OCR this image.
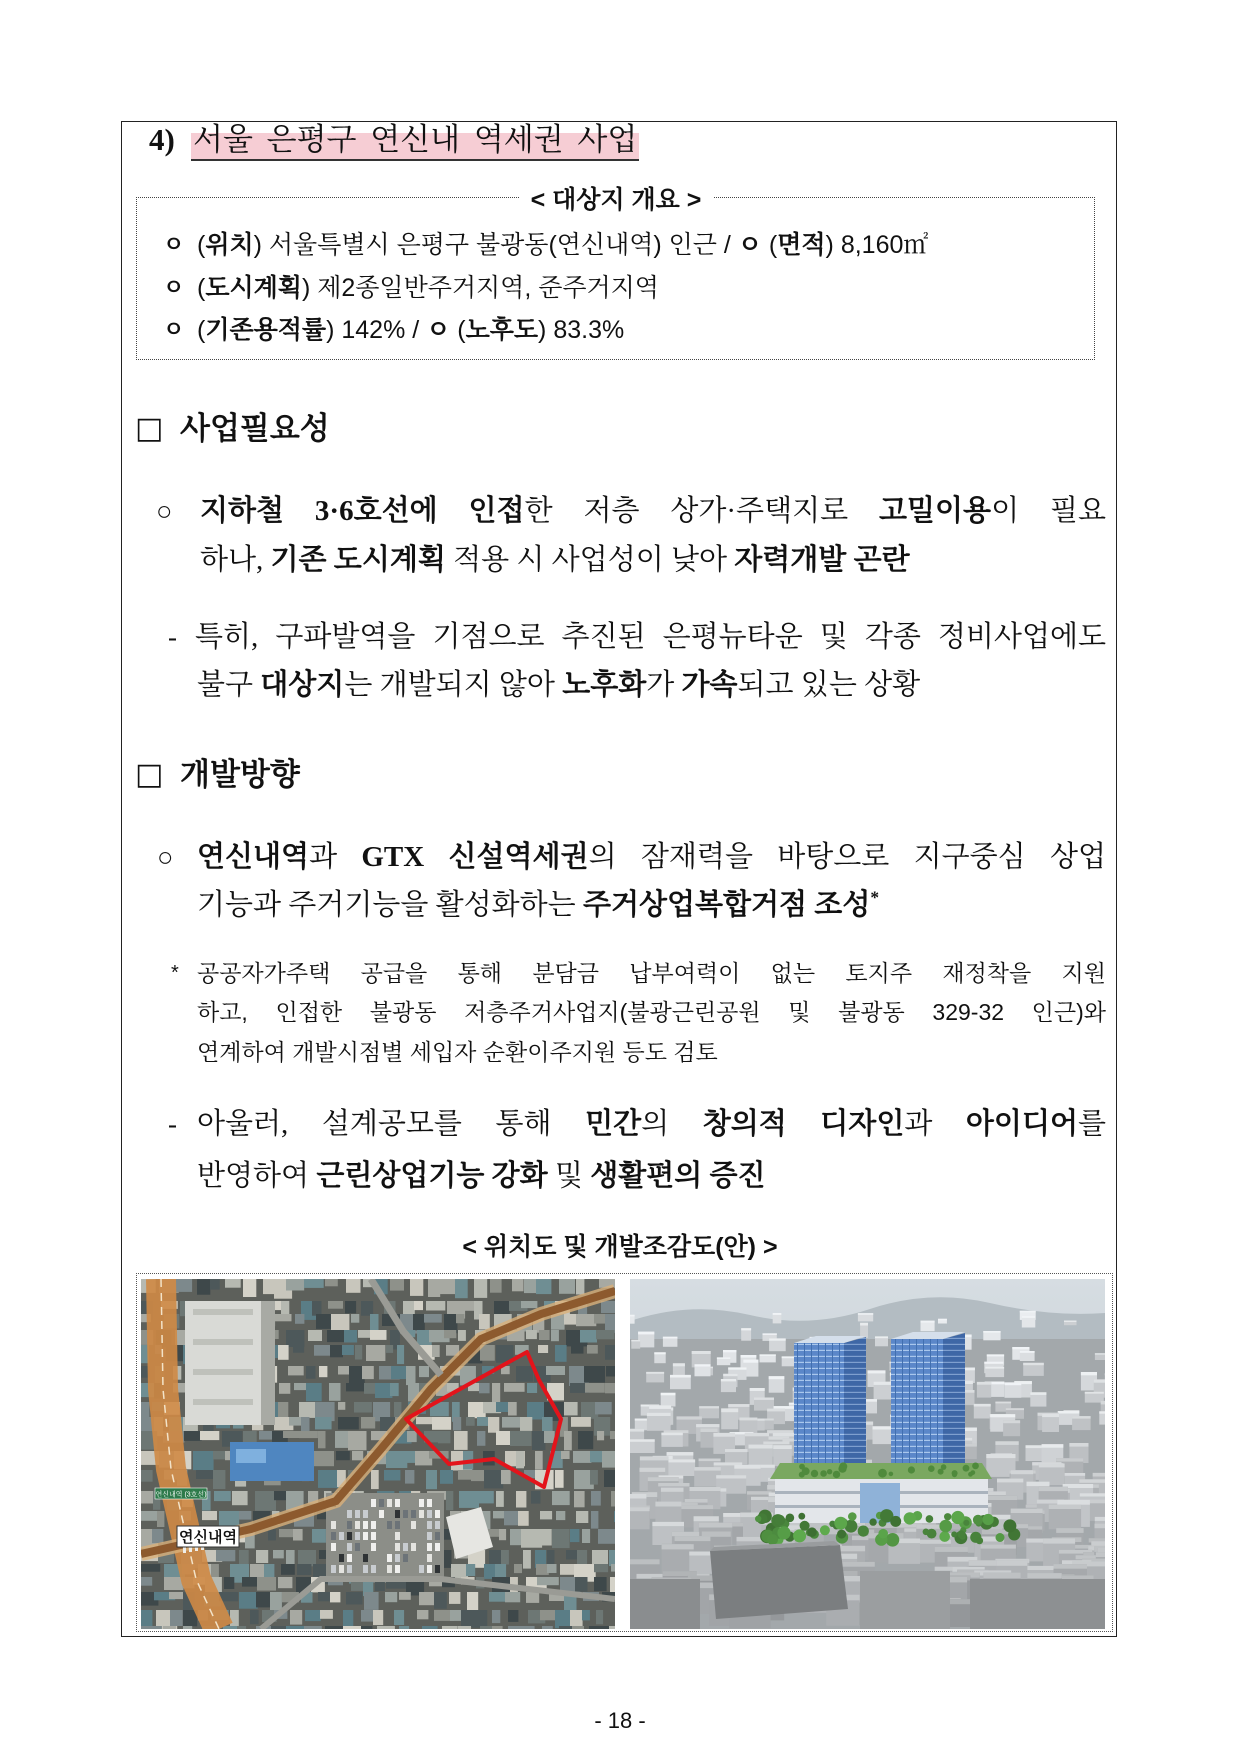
4) 서울 은평구 연신내 역세권 사업
< 대상지 개요 >
ㅇ (위치) 서울특별시 은평구 불광동(연신내역) 인근 / ㅇ (면적) 8,160㎡
ㅇ (도시계획) 제2종일반주거지역, 준주거지역
ㅇ (기존용적률) 142% / ㅇ (노후도) 83.3%
□ 사업필요성
○ 지하철 3·6호선에 인접한 저층 상가·주택지로 고밀이용이 필요
하나, 기존 도시계획 적용 시 사업성이 낮아 자력개발 곤란
- 특히, 구파발역을 기점으로 추진된 은평뉴타운 및 각종 정비사업에도
불구 대상지는 개발되지 않아 노후화가 가속되고 있는 상황
□ 개발방향
○ 연신내역과 GTX 신설역세권의 잠재력을 바탕으로 지구중심 상업
기능과 주거기능을 활성화하는 주거상업복합거점 조성*
* 공공자가주택 공급을 통해 분담금 납부여력이 없는 토지주 재정착을 지원
하고, 인접한 불광동 저층주거사업지(불광근린공원 및 불광동 329-32 인근)와
연계하여 개발시점별 세입자 순환이주지원 등도 검토
- 아울러, 설계공모를 통해 민간의 창의적 디자인과 아이디어를
반영하여 근린상업기능 강화 및 생활편의 증진
< 위치도 및 개발조감도(안) >
연신내역 (3호선)
연신내역
- 18 -
